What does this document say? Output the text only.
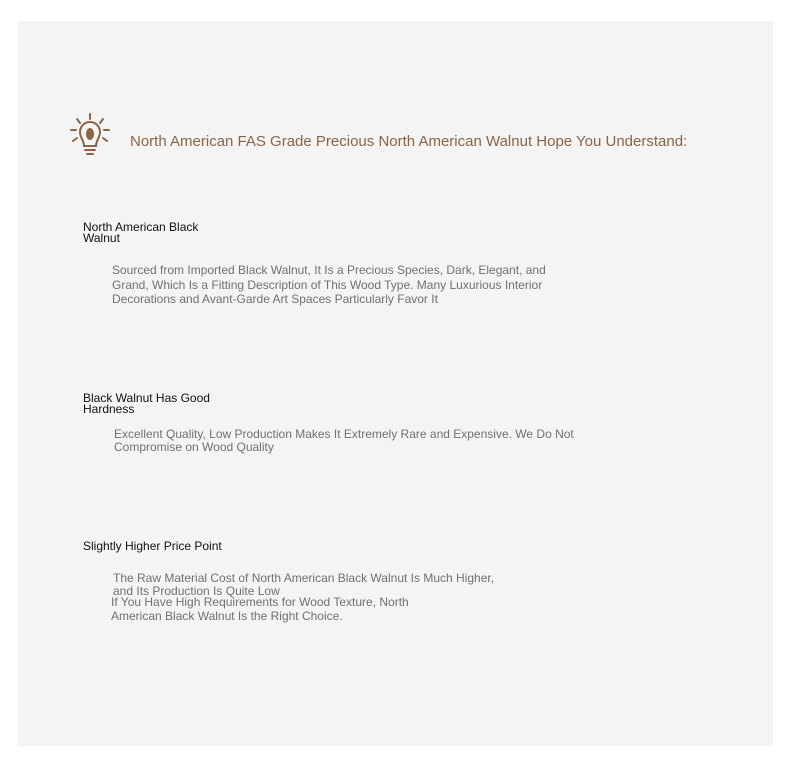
North American FAS Grade Precious North American Walnut Hope You Understand:
North American Black
Walnut
Sourced from Imported Black Walnut, It Is a Precious Species, Dark, Elegant, and
Grand, Which Is a Fitting Description of This Wood Type. Many Luxurious Interior
Decorations and Avant-Garde Art Spaces Particularly Favor It
Black Walnut Has Good
Hardness
Excellent Quality, Low Production Makes It Extremely Rare and Expensive. We Do Not
Compromise on Wood Quality
Slightly Higher Price Point
The Raw Material Cost of North American Black Walnut Is Much Higher,
and Its Production Is Quite Low
If You Have High Requirements for Wood Texture, North
American Black Walnut Is the Right Choice.
